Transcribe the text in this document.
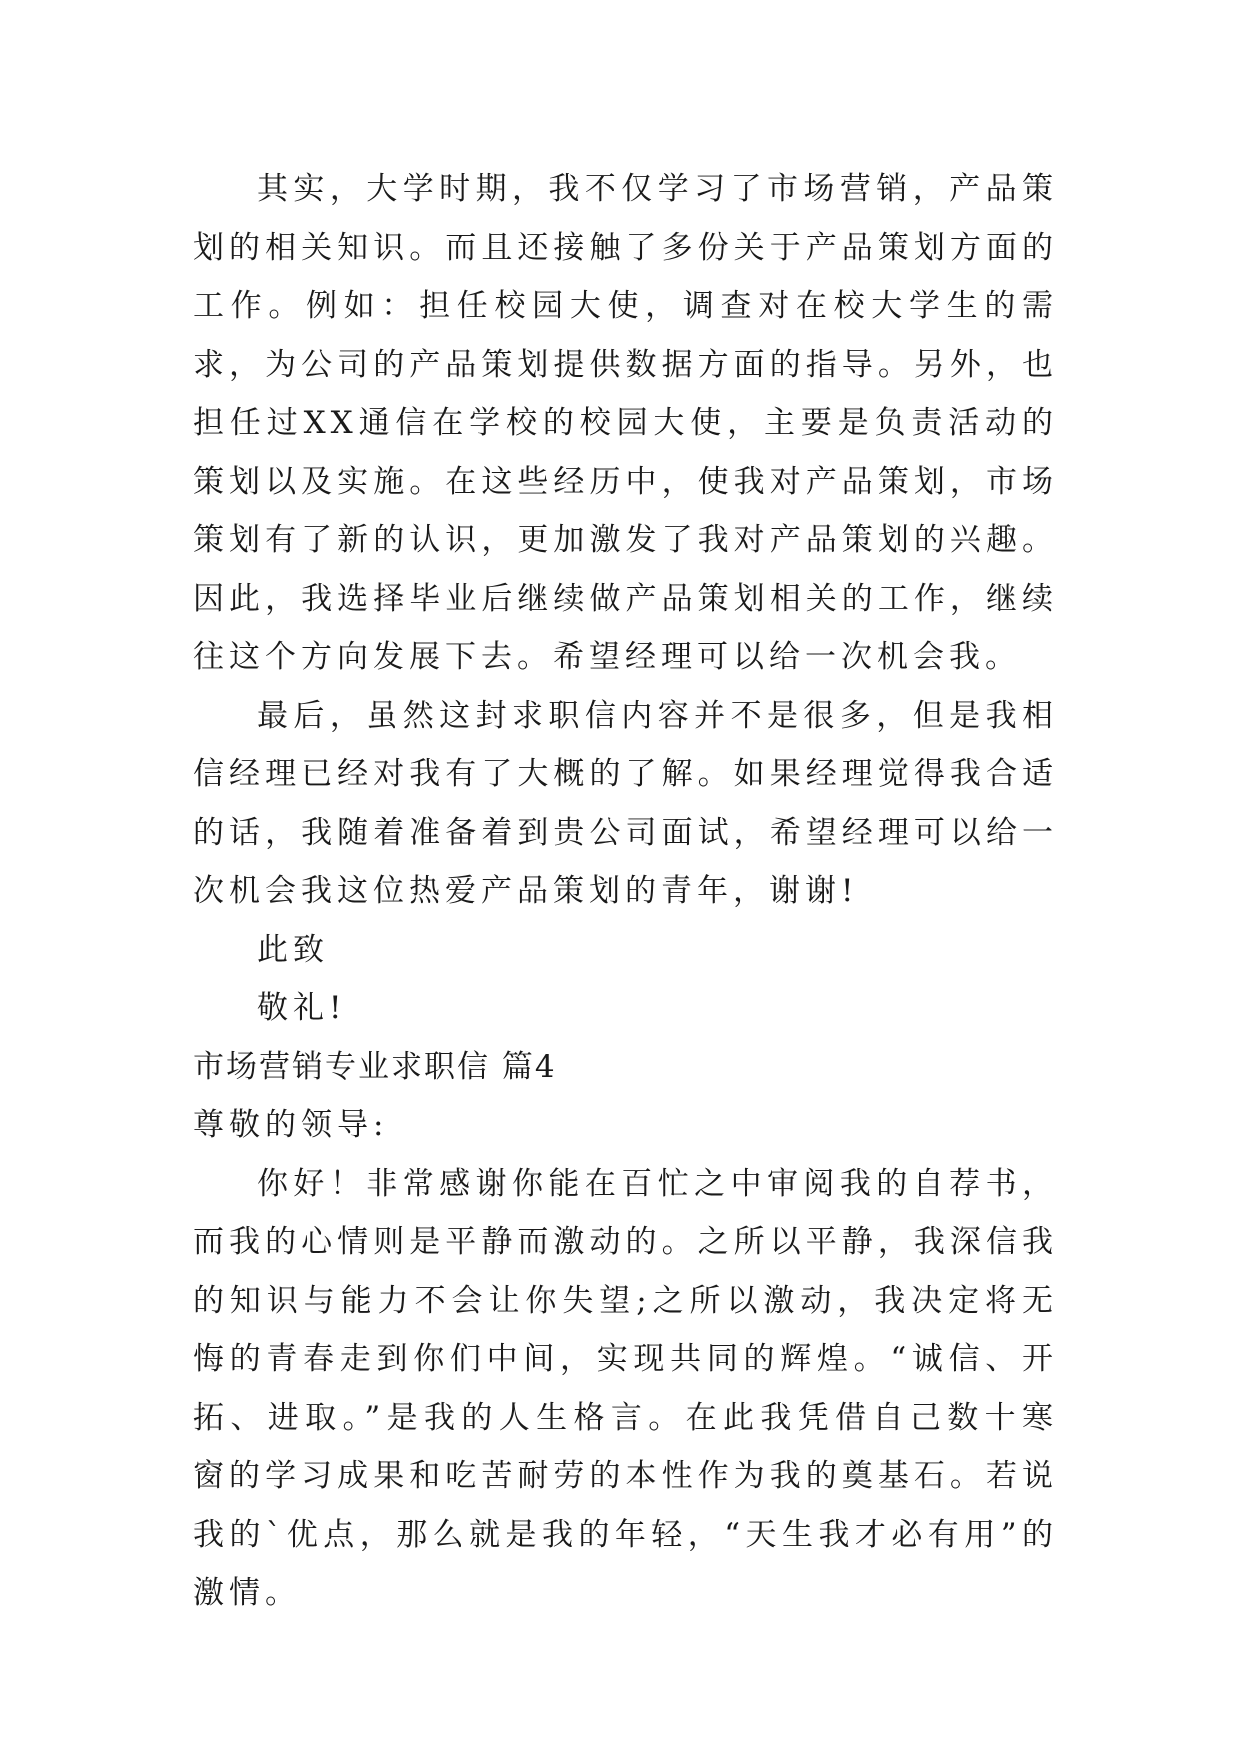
其实，大学时期，我不仅学习了市场营销，产品策划的相关知识。而且还接触了多份关于产品策划方面的工作。例如：担任校园大使，调查对在校大学生的需求，为公司的产品策划提供数据方面的指导。另外，也担任过XX通信在学校的校园大使，主要是负责活动的策划以及实施。在这些经历中，使我对产品策划，市场策划有了新的认识，更加激发了我对产品策划的兴趣。因此，我选择毕业后继续做产品策划相关的工作，继续往这个方向发展下去。希望经理可以给一次机会我。

最后，虽然这封求职信内容并不是很多，但是我相信经理已经对我有了大概的了解。如果经理觉得我合适的话，我随着准备着到贵公司面试，希望经理可以给一次机会我这位热爱产品策划的青年，谢谢!

此致

敬礼!

市场营销专业求职信 篇4

尊敬的领导:

你好！非常感谢你能在百忙之中审阅我的自荐书，而我的心情则是平静而激动的。之所以平静，我深信我的知识与能力不会让你失望;之所以激动，我决定将无悔的青春走到你们中间，实现共同的辉煌。“诚信、开拓、进取。”是我的人生格言。在此我凭借自己数十寒窗的学习成果和吃苦耐劳的本性作为我的奠基石。若说我的`优点，那么就是我的年轻，“天生我才必有用”的激情。
